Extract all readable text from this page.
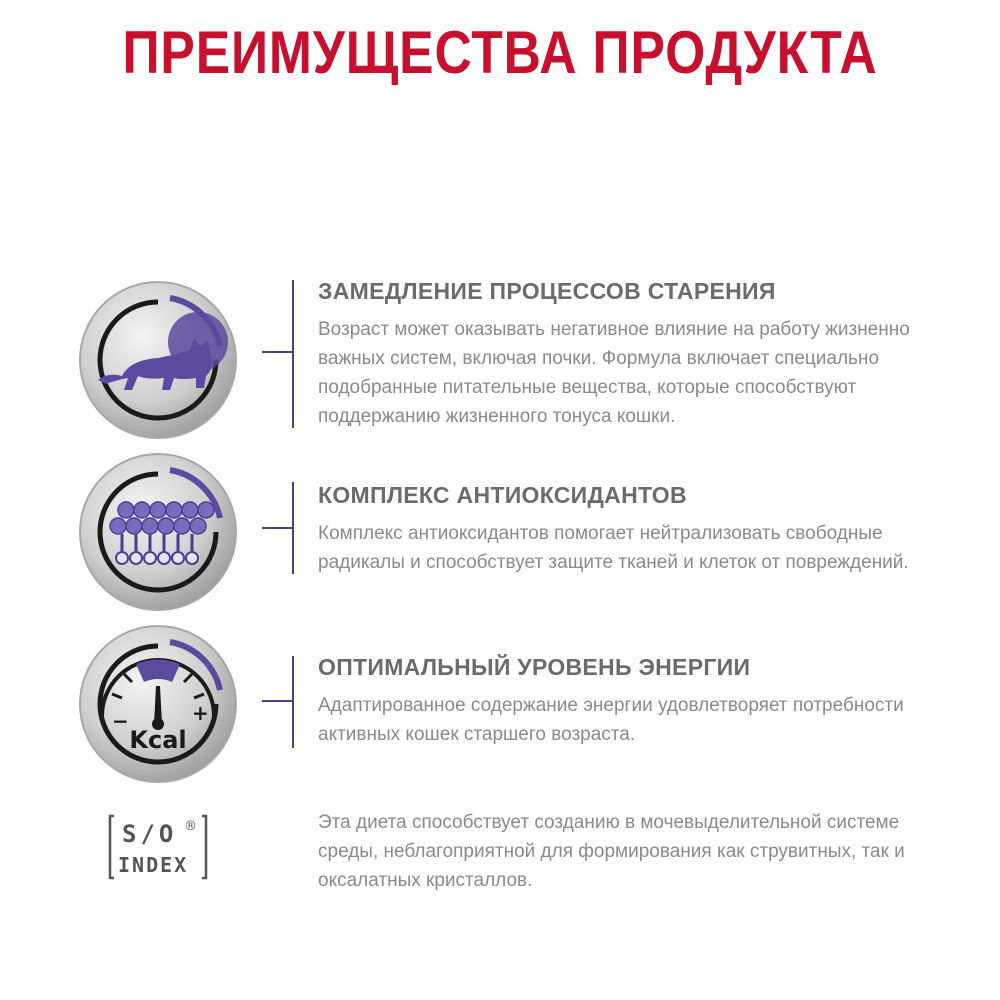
ПРЕИМУЩЕСТВА ПРОДУКТА

ЗАМЕДЛЕНИЕ ПРОЦЕССОВ СТАРЕНИЯ

Возраст может оказывать негативное влияние на работу жизненно важных систем, включая почки. Формула включает специально подобранные питательные вещества, которые способствуют поддержанию жизненного тонуса кошки.

КОМПЛЕКС АНТИОКСИДАНТОВ

Комплекс антиоксидантов помогает нейтрализовать свободные радикалы и способствует защите тканей и клеток от повреждений.

−	+
Kcal

ОПТИМАЛЬНЫЙ УРОВЕНЬ ЭНЕРГИИ

Адаптированное содержание энергии удовлетворяет потребности активных кошек старшего возраста.

S/O ®
INDEX

Эта диета способствует созданию в мочевыделительной системе среды, неблагоприятной для формирования как струвитных, так и оксалатных кристаллов.
